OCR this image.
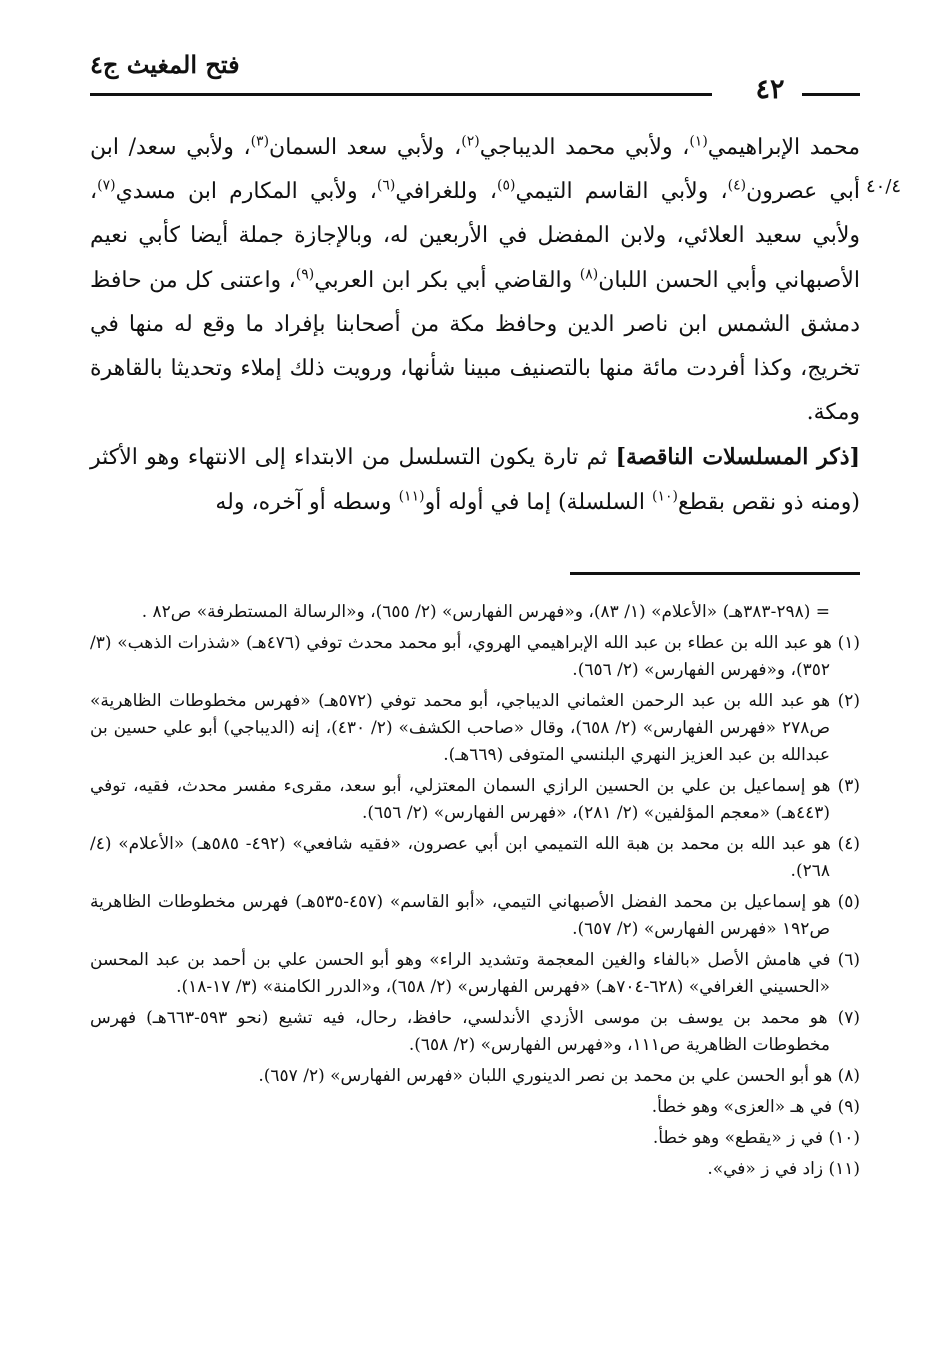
فتح المغيث ج٤
٤٢
٤٠/٤

محمد الإبراهيمي$^{(١)}$، ولأبي محمد الديباجي$^{(٢)}$، ولأبي سعد السمان$^{(٣)}$، ولأبي سعد/ ابن أبي عصرون$^{(٤)}$، ولأبي القاسم التيمي$^{(٥)}$، وللغرافي$^{(٦)}$، ولأبي المكارم ابن مسدي$^{(٧)}$، ولأبي سعيد العلائي، ولابن المفضل في الأربعين له، وبالإجازة جملة أيضا كأبي نعيم الأصبهاني وأبي الحسن اللبان$^{(٨)}$ والقاضي أبي بكر ابن العربي$^{(٩)}$، واعتنى كل من حافظ دمشق الشمس ابن ناصر الدين وحافظ مكة من أصحابنا بإفراد ما وقع له منها في تخريج، وكذا أفردت مائة منها بالتصنيف مبينا شأنها، ورويت ذلك إملاء وتحديثا بالقاهرة ومكة.

[ذكر المسلسلات الناقصة] ثم تارة يكون التسلسل من الابتداء إلى الانتهاء وهو الأكثر (ومنه ذو نقص بقطع$^{(١٠)}$ السلسلة) إما في أوله أو$^{(١١)}$ وسطه أو آخره، وله

= (٢٩٨-٣٨٣هـ) «الأعلام» (١/ ٨٣)، و«فهرس الفهارس» (٢/ ٦٥٥)، و«الرسالة المستطرفة» ص٨٢ .

(١) هو عبد الله بن عطاء بن عبد الله الإبراهيمي الهروي، أبو محمد محدث توفي (٤٧٦هـ) «شذرات الذهب» (٣/ ٣٥٢)، و«فهرس الفهارس» (٢/ ٦٥٦).

(٢) هو عبد الله بن عبد الرحمن العثماني الديباجي، أبو محمد توفي (٥٧٢هـ) «فهرس مخطوطات الظاهرية» ص٢٧٨ «فهرس الفهارس» (٢/ ٦٥٨)، وقال «صاحب الكشف» (٢/ ٤٣٠)، إنه (الديباجي) أبو علي حسين بن عبدالله بن عبد العزيز النهري البلنسي المتوفى (٦٦٩هـ).

(٣) هو إسماعيل بن علي بن الحسين الرازي السمان المعتزلي، أبو سعد، مقرىء مفسر محدث، فقيه، توفي (٤٤٣هـ) «معجم المؤلفين» (٢/ ٢٨١)، «فهرس الفهارس» (٢/ ٦٥٦).

(٤) هو عبد الله بن محمد بن هبة الله التميمي ابن أبي عصرون، «فقيه شافعي» (٤٩٢- ٥٨٥هـ) «الأعلام» (٤/ ٢٦٨).

(٥) هو إسماعيل بن محمد الفضل الأصبهاني التيمي، «أبو القاسم» (٤٥٧-٥٣٥هـ) فهرس مخطوطات الظاهرية ص١٩٢ «فهرس الفهارس» (٢/ ٦٥٧).

(٦) في هامش الأصل «بالفاء والغين المعجمة وتشديد الراء» وهو أبو الحسن علي بن أحمد بن عبد المحسن «الحسيني الغرافي» (٦٢٨-٧٠٤هـ) «فهرس الفهارس» (٢/ ٦٥٨)، و«الدرر الكامنة» (٣/ ١٧-١٨).

(٧) هو محمد بن يوسف بن موسى الأزدي الأندلسي، حافظ، رحال، فيه تشيع (نحو ٥٩٣-٦٦٣هـ) فهرس مخطوطات الظاهرية ص١١١، و«فهرس الفهارس» (٢/ ٦٥٨).

(٨) هو أبو الحسن علي بن محمد بن نصر الدينوري اللبان «فهرس الفهارس» (٢/ ٦٥٧).

(٩) في هـ «العزى» وهو خطأ.

(١٠) في ز «يقطع» وهو خطأ.

(١١) زاد في ز «في».
